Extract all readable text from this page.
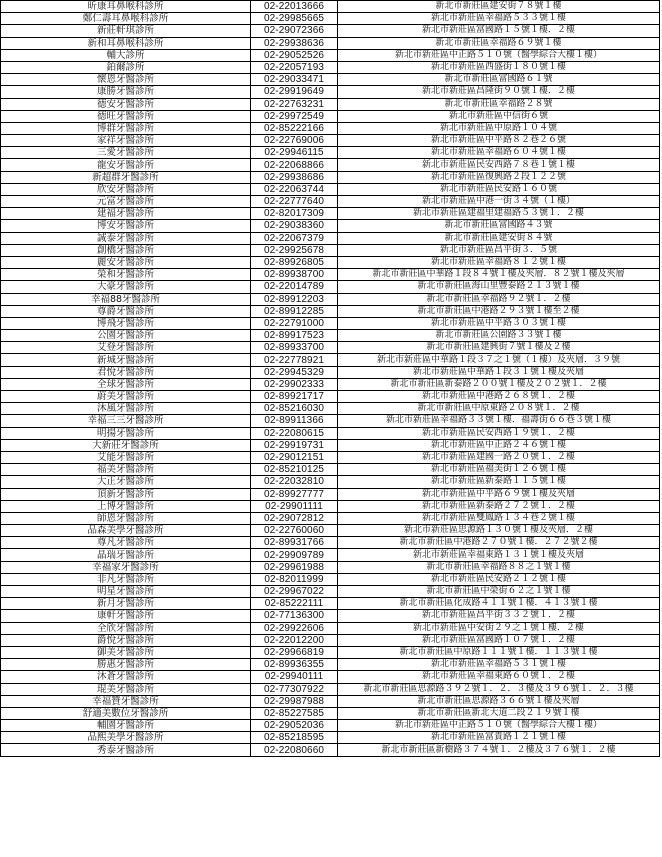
昕康耳鼻喉科診所	02-22013666	新北市新莊區建安街７８號１樓
鄭仁壽耳鼻喉科診所	02-29985665	新北市新莊區幸福路５３３號１樓
新莊軒琪診所	02-29072366	新北市新莊區富國路１５號１樓．２樓
新和耳鼻喉科診所	02-29938636	新北市新莊區幸福路６９號１樓
輔大診所	02-29052526	新北市新莊區中正路５１０號（醫學綜合大樓１樓）
鉑爾診所	02-22057193	新北市新莊區西盛街１８０號１樓
懷恩牙醫診所	02-29033471	新北市新莊區富國路６１號
康勝牙醫診所	02-29919649	新北市新莊區昌隆街９０號１樓．２樓
德安牙醫診所	02-22763231	新北市新莊區幸福路２８號
德旺牙醫診所	02-29972549	新北市新莊區中信街６號
博群牙醫診所	02-85222166	新北市新莊區中原路１０４號
家祥牙醫診所	02-22769006	新北市新莊區中平路８２巷２６號
三愛牙醫診所	02-29946115	新北市新莊區幸福路６０４號１樓
龍安牙醫診所	02-22068866	新北市新莊區民安西路７８巷１號１樓
新超群牙醫診所	02-29938686	新北市新莊區復興路２段１２２號
欣安牙醫診所	02-22063744	新北市新莊區民安路１６０號
元富牙醫診所	02-22777640	新北市新莊區中港一街３４號（１樓）
建福牙醫診所	02-82017309	新北市新莊區建福里建福路５３號１．２樓
博安牙醫診所	02-29038360	新北市新莊區富國路４３號
誠泰牙醫診所	02-22067379	新北市新莊區建安街８４號
創橋牙醫診所	02-29925678	新北市新莊區昌平街３．５號
麗安牙醫診所	02-89926805	新北市新莊區幸福路８１２號１樓
榮和牙醫診所	02-89938700	新北市新莊區中華路１段８４號１樓及夾層．８２號１樓及夾層
大豪牙醫診所	02-22014789	新北市新莊區海山里豐泰路２１３號１樓
幸福88牙醫診所	02-89912203	新北市新莊區幸福路９２號１．２樓
尊爵牙醫診所	02-89912285	新北市新莊區中港路２９３號１樓至２樓
博飛牙醫診所	02-22791000	新北市新莊區中平路３０３號１樓
公園牙醫診所	02-89917523	新北市新莊區公園路３３號１樓
艾登牙醫診所	02-89933700	新北市新莊區建興街７號１樓及２樓
新城牙醫診所	02-22778921	新北市新莊區中華路１段３７之１號（１樓）及夾層．３９號
君悅牙醫診所	02-29945329	新北市新莊區中華路１段３１號１樓及夾層
全球牙醫診所	02-29902333	新北市新莊區新泰路２００號１樓及２０２號１．２樓
蔚美牙醫診所	02-89921717	新北市新莊區中港路２６８號１．２樓
沐風牙醫診所	02-85216030	新北市新莊區中原東路２０８號１．２樓
幸福三三牙醫診所	02-89911366	新北市新莊區幸福路３３號１樓．福壽街６６巷３號１樓
明揚牙醫診所	02-22080615	新北市新莊區民安西路１９號１．２樓
大新莊牙醫診所	02-29919731	新北市新莊區中正路２４６號１樓
艾能牙醫診所	02-29012151	新北市新莊區建國一路２０號１．２樓
福美牙醫診所	02-85210125	新北市新莊區福美街１２６號１樓
大正牙醫診所	02-22032810	新北市新莊區新泰路１１５號１樓
頂新牙醫診所	02-89927777	新北市新莊區中平路６９號１樓及夾層
上博牙醫診所	02-29901111	新北市新莊區新泰路２７２號１．２樓
師恩牙醫診所	02-29072812	新北市新莊區雙鳳路１３４巷２號１樓
品森美學牙醫診所	02-22760060	新北市新莊區思源路１３０號１樓及夾層．２樓
尊凡牙醫診所	02-89931766	新北市新莊區中港路２７０號１樓．２７２號２樓
晶瑞牙醫診所	02-29909789	新北市新莊區幸福東路１３１號１樓及夾層
幸福家牙醫診所	02-29961988	新北市新莊區幸福路８８之１號１樓
非凡牙醫診所	02-82011999	新北市新莊區民安路２１２號１樓
明星牙醫診所	02-29967022	新北市新莊區中榮街６２之１號１樓
新月牙醫診所	02-85222111	新北市新莊區化成路４１１號１樓．４１３號１樓
康軒牙醫診所	02-77136300	新北市新莊區昌平街３３２號１．２樓
全欣牙醫診所	02-29922606	新北市新莊區中安街２９之１號１樓．２樓
爵悅牙醫診所	02-22012200	新北市新莊區富國路１０７號１．２樓
御美牙醫診所	02-29966819	新北市新莊區中原路１１１號１樓．１１３號１樓
勝惠牙醫診所	02-89936355	新北市新莊區幸福路５３１號１樓
沐蒼牙醫診所	02-29940111	新北市新莊區幸福東路６０號１．２樓
琨美牙醫診所	02-77307922	新北市新莊區思源路３９２號１．２．３樓及３９６號１．２．３樓
幸福贊牙醫診所	02-29987988	新北市新莊區思源路３６６號１樓及夾層
舒適美數位牙醫診所	02-85227585	新北市新莊區新北大道二段２１９號１樓
輔園牙醫診所	02-29052036	新北市新莊區中正路５１０號（醫學綜合大樓１樓）
品熙美學牙醫診所	02-85218595	新北市新莊區富貴路１２１號１樓
秀泰牙醫診所	02-22080660	新北市新莊區新樹路３７４號１．２樓及３７６號１．２樓
